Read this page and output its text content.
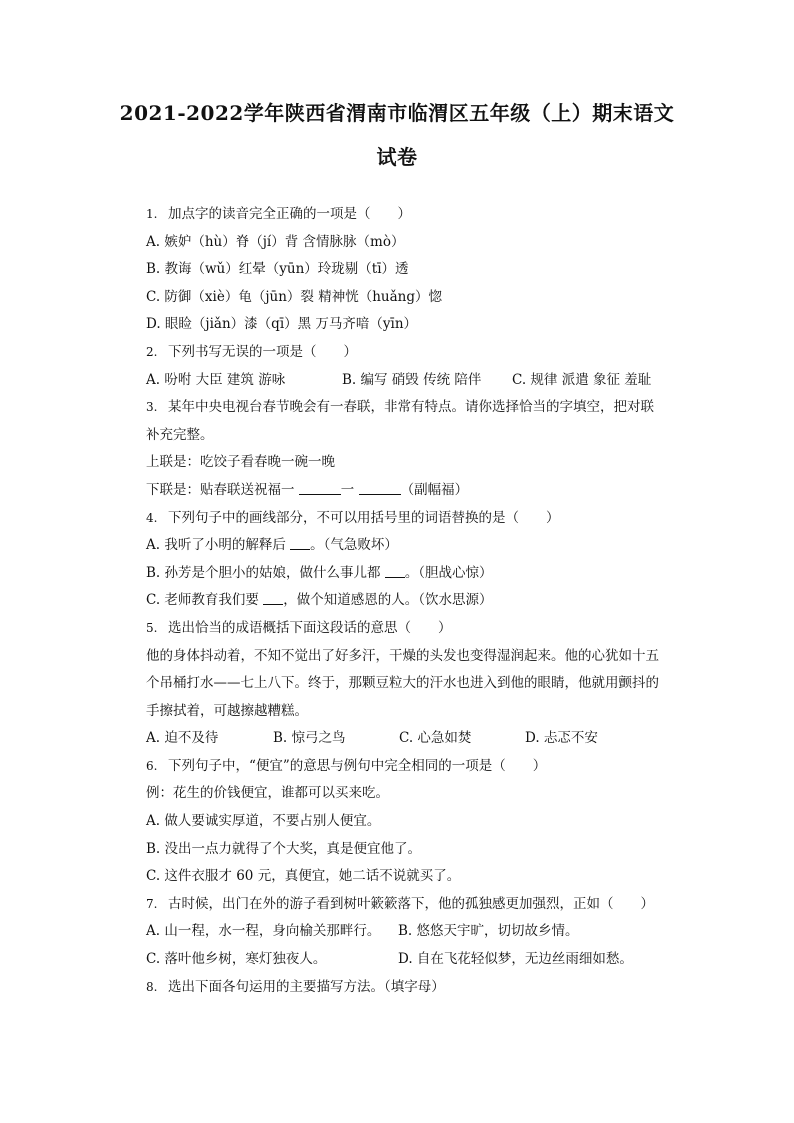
2021-2022学年陕西省渭南市临渭区五年级（上）期末语文
试卷
1. 加点字的读音完全正确的一项是（　　）
A. 嫉妒（hù）脊（jí）背 含情脉脉（mò）
B. 教诲（wǔ）红晕（yūn）玲珑剔（tī）透
C. 防御（xiè）龟（jūn）裂 精神恍（huǎng）惚
D. 眼睑（jiǎn）漆（qī）黑 万马齐喑（yīn）
2. 下列书写无误的一项是（　　）
A. 吩咐 大臣 建筑 游咏	B. 编写 硝毁 传统 陪伴 C. 规律 派遣 象征 羞耻
3. 某年中央电视台春节晚会有一春联，非常有特点。请你选择恰当的字填空，把对联
补充完整。
上联是：吃饺子看春晚一碗一晚
下联是：贴春联送祝福一	一	（副幅福）
4. 下列句子中的画线部分，不可以用括号里的词语替换的是（　　）
A. 我听了小明的解释后 。（气急败坏）
B. 孙芳是个胆小的姑娘，做什么事儿都 。（胆战心惊）
C. 老师教育我们要 ，做个知道感恩的人。（饮水思源）
5. 选出恰当的成语概括下面这段话的意思（　　）
他的身体抖动着，不知不觉出了好多汗，干燥的头发也变得湿润起来。他的心犹如十五
个吊桶打水——七上八下。终于，那颗豆粒大的汗水也进入到他的眼睛，他就用颤抖的
手擦拭着，可越擦越糟糕。
A. 迫不及待	B. 惊弓之鸟	C. 心急如焚	D. 忐忑不安
6. 下列句子中，“便宜”的意思与例句中完全相同的一项是（　　）
例：花生的价钱便宜，谁都可以买来吃。
A. 做人要诚实厚道，不要占别人便宜。
B. 没出一点力就得了个大奖，真是便宜他了。
C. 这件衣服才 60 元，真便宜，她二话不说就买了。
7. 古时候，出门在外的游子看到树叶簌簌落下，他的孤独感更加强烈，正如（　　）
A. 山一程，水一程，身向榆关那畔行。 B. 悠悠天宇旷，切切故乡情。
C. 落叶他乡树，寒灯独夜人。	D. 自在飞花轻似梦，无边丝雨细如愁。
8. 选出下面各句运用的主要描写方法。（填字母）
